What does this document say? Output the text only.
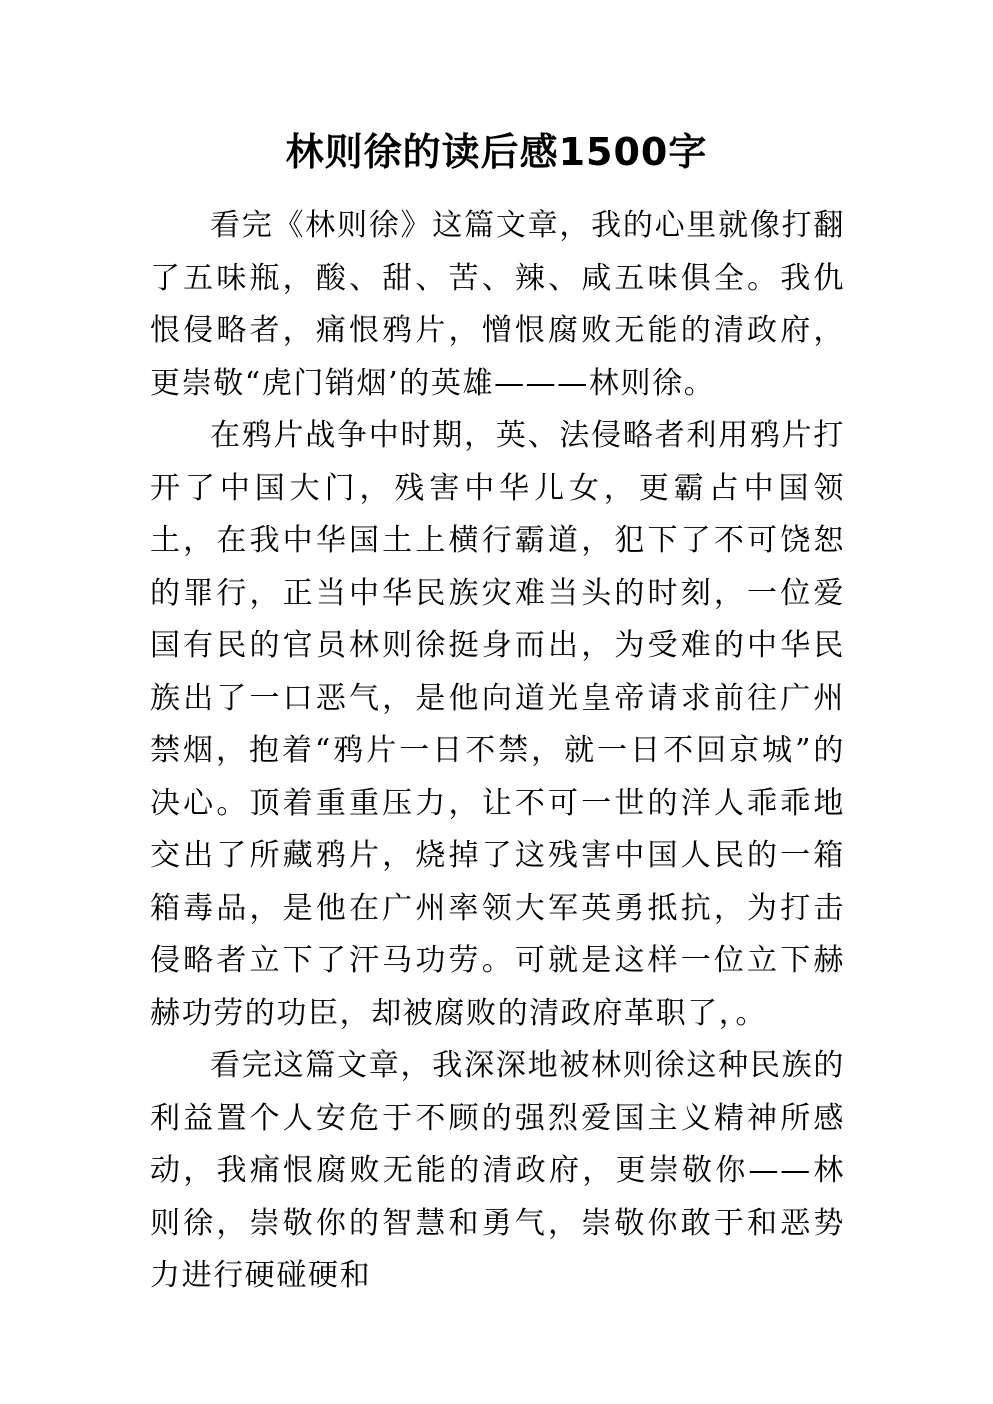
林则徐的读后感1500字

看完《林则徐》这篇文章，我的心里就像打翻了五味瓶，酸、甜、苦、辣、咸五味俱全。我仇恨侵略者，痛恨鸦片，憎恨腐败无能的清政府，更崇敬“虎门销烟’的英雄———林则徐。

在鸦片战争中时期，英、法侵略者利用鸦片打开了中国大门，残害中华儿女，更霸占中国领土，在我中华国土上横行霸道，犯下了不可饶恕的罪行，正当中华民族灾难当头的时刻，一位爱国有民的官员林则徐挺身而出，为受难的中华民族出了一口恶气，是他向道光皇帝请求前往广州禁烟，抱着“鸦片一日不禁，就一日不回京城”的决心。顶着重重压力，让不可一世的洋人乖乖地交出了所藏鸦片，烧掉了这残害中国人民的一箱箱毒品，是他在广州率领大军英勇抵抗，为打击侵略者立下了汗马功劳。可就是这样一位立下赫赫功劳的功臣，却被腐败的清政府革职了，。

看完这篇文章，我深深地被林则徐这种民族的利益置个人安危于不顾的强烈爱国主义精神所感动，我痛恨腐败无能的清政府，更崇敬你——林则徐，崇敬你的智慧和勇气，崇敬你敢于和恶势力进行硬碰硬和
